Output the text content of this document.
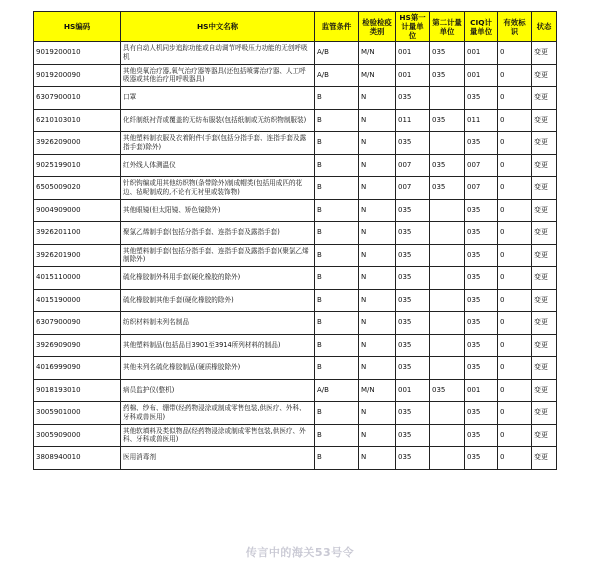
HS编码	HS中文名称	监管条件	检验检疫类别	HS第一计量单位	第二计量单位	CIQ计量单位	有效标识	状态
9019200010	具有自动人机同步追踪功能或自动调节呼吸压力功能的无创呼吸机	A/B	M/N	001	035	001	0	变更
9019200090	其他臭氧治疗器,氧气治疗器等器具(还包括喷雾治疗器、人工呼吸器或其他治疗用呼吸器具)	A/B	M/N	001	035	001	0	变更
6307900010	口罩	B	N	035		035	0	变更
6210103010	化纤制纸衬背或覆盖的无纺布服装(包括纸制或无纺织物制服装)	B	N	011	035	011	0	变更
3926209000	其他塑料制衣服及衣着附件(手套(包括分指手套、连指手套及露指手套)除外)	B	N	035		035	0	变更
9025199010	红外线人体测温仪	B	N	007	035	007	0	变更
6505009020	针织钩编或用其他纺织物(条带除外)制成帽类(包括用成匹的花边、毡呢制成的,不论有无衬里或装饰物)	B	N	007	035	007	0	变更
9004909000	其他眼镜(但太阳镜、矫色镜除外)	B	N	035		035	0	变更
3926201100	聚氯乙烯制手套(包括分指手套、连指手套及露指手套)	B	N	035		035	0	变更
3926201900	其他塑料制手套(包括分指手套、连指手套及露指手套)(聚氯乙烯制除外)	B	N	035		035	0	变更
4015110000	硫化橡胶制外科用手套(硬化橡胶的除外)	B	N	035		035	0	变更
4015190000	硫化橡胶制其他手套(硬化橡胶的除外)	B	N	035		035	0	变更
6307900090	纺织材料制未列名制品	B	N	035		035	0	变更
3926909090	其他塑料制品(包括品目3901至3914所列材料的制品)	B	N	035		035	0	变更
4016999090	其他未列名硫化橡胶制品(硬质橡胶除外)	B	N	035		035	0	变更
9018193010	病员监护仪(整机)	A/B	M/N	001	035	001	0	变更
3005901000	药棉、纱布、绷带(经药物浸涂或制成零售包装,供医疗、外科、牙科或兽医用)	B	N	035		035	0	变更
3005909000	其他软填料及类似物品(经药物浸涂或制成零售包装,供医疗、外科、牙科或兽医用)	B	N	035		035	0	变更
3808940010	医用消毒剂	B	N	035		035	0	变更
传言中的海关53号令
